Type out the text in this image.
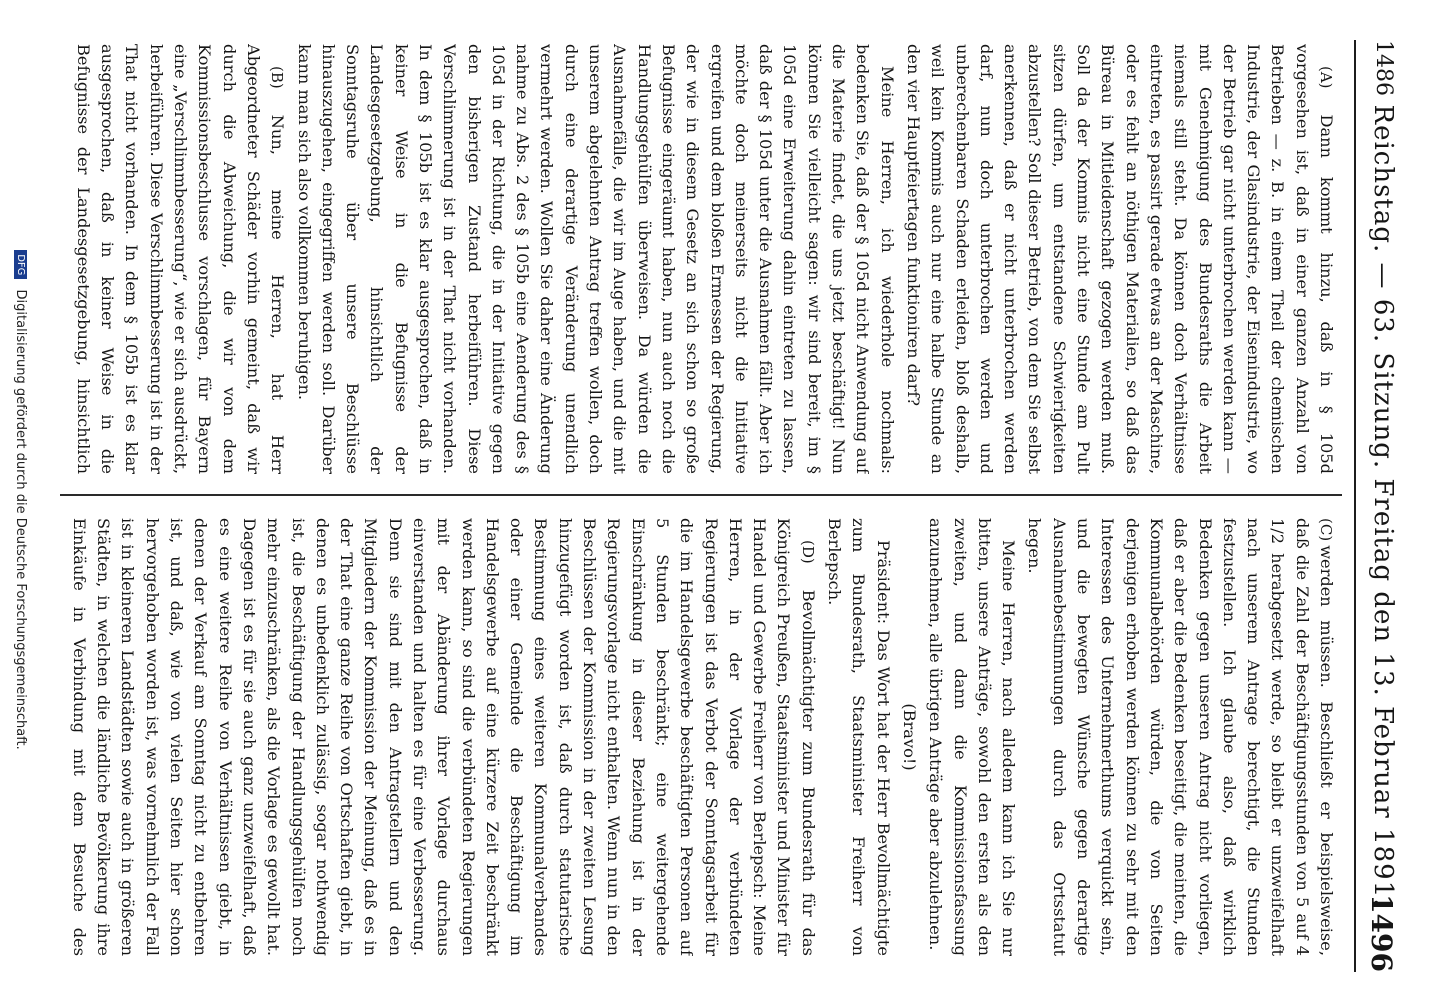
1486
Reichstag. — 63. Sitzung. Freitag den 13. Februar 1891.
1496

(A)
Dann kommt hinzu, daß in § 105d vorgesehen ist, daß in einer ganzen Anzahl von Betrieben — z. B. in einem Theil der chemischen Industrie, der Glasindustrie, der Eisenindustrie, wo der Betrieb gar nicht unterbrochen werden kann — mit Genehmigung des Bundesraths die Arbeit niemals still steht. Da können doch Verhältnisse eintreten, es passirt gerade etwas an der Maschine, oder es fehlt an nöthigen Materialien, so daß das Büreau in Mitleidenschaft gezogen werden muß. Soll da der Kommis nicht eine Stunde am Pult sitzen dürfen, um entstandene Schwierigkeiten abzustellen? Soll dieser Betrieb, von dem Sie selbst anerkennen, daß er nicht unterbrochen werden darf, nun doch unterbrochen werden und unberechenbaren Schaden erleiden, bloß deshalb, weil kein Kommis auch nur eine halbe Stunde an den vier Hauptfeiertagen funktioniren darf?

Meine Herren, ich wiederhole nochmals: bedenken Sie, daß der § 105d nicht Anwendung auf die Materie findet, die uns jetzt beschäftigt! Nun können Sie vielleicht sagen: wir sind bereit, im § 105d eine Erweiterung dahin eintreten zu lassen, daß der § 105d unter die Ausnahmen fällt. Aber ich möchte doch meinerseits nicht die Initiative ergreifen und dem bloßen Ermessen der Regierung, der wie in diesem Gesetz an sich schon so große Befugnisse eingeräumt haben, nun auch noch die Handlungsgehülfen überweisen. Da würden die Ausnahmefälle, die wir im Auge haben, und die mit unserem abgelehnten Antrag treffen wollen, doch durch eine derartige Veränderung unendlich vermehrt werden. Wollen Sie daher eine Änderung nahme zu Abs. 2 des § 105b eine Aenderung des § 105d in der Richtung, die in der Initiative gegen den bisherigen Zustand herbeiführen. Diese Verschlimmerung ist in der That nicht vorhanden. In dem § 105b ist es klar ausgesprochen, daß in keiner Weise in die Befugnisse der Landesgesetzgebung, hinsichtlich der Sonntagsruhe über unsere Beschlüsse hinauszugehen, eingegriffen werden soll. Darüber kann man sich also vollkommen beruhigen.

(B)
Nun, meine Herren, hat Herr Abgeordneter Schäder vorhin gemeint, daß wir durch die Abweichung, die wir von dem Kommissionsbeschlusse vorschlagen, für Bayern eine „Verschlimmbesserung“, wie er sich ausdrückt, herbeiführen. Diese Verschlimmbesserung ist in der That nicht vorhanden. In dem § 105b ist es klar ausgesprochen, daß in keiner Weise in die Befugnisse der Landesgesetzgebung, hinsichtlich

(C)
werden müssen. Beschließt er beispielsweise, daß die Zahl der Beschäftigungsstunden von 5 auf 4 1/2 herabgesetzt werde, so bleibt er unzweifelhaft nach unserem Antrage berechtigt, die Stunden festzustellen. Ich glaube also, daß wirklich Bedenken gegen unseren Antrag nicht vorliegen, daß er aber die Bedenken beseitigt, die meinten, die Kommunalbehörden würden, die von Seiten derjenigen erhoben werden können zu sehr mit den Interessen des Unternehmerthums verquickt sein, und die bewegten Wünsche gegen derartige Ausnahmebestimmungen durch das Ortsstatut hegen.

Meine Herren, nach alledem kann ich Sie nur bitten, unsere Anträge, sowohl den ersten als den zweiten, und dann die Kommissionsfassung anzunehmen, alle übrigen Anträge aber abzulehnen.

(Bravo!)

Präsident: Das Wort hat der Herr Bevollmächtigte zum Bundesrath, Staatsminister Freiherr von Berlepsch.

(D)
Bevollmächtigter zum Bundesrath für das Königreich Preußen, Staatsminister und Minister für Handel und Gewerbe Freiherr von Berlepsch: Meine Herren, in der Vorlage der verbündeten Regierungen ist das Verbot der Sonntagsarbeit für die im Handelsgewerbe beschäftigten Personen auf 5 Stunden beschränkt; eine weitergehende Einschränkung in dieser Beziehung ist in der Regierungsvorlage nicht enthalten. Wenn nun in den Beschlüssen der Kommission in der zweiten Lesung hinzugefügt worden ist, daß durch statutarische Bestimmung eines weiteren Kommunalverbandes oder einer Gemeinde die Beschäftigung im Handelsgewerbe auf eine kürzere Zeit beschränkt werden kann, so sind die verbündeten Regierungen mit der Abänderung ihrer Vorlage durchaus einverstanden und halten es für eine Verbesserung. Denn sie sind mit den Antragstellern und den Mitgliedern der Kommission der Meinung, daß es in der That eine ganze Reihe von Ortschaften giebt, in denen es unbedenklich zulässig, sogar nothwendig ist, die Beschäftigung der Handlungsgehülfen noch mehr einzuschränken, als die Vorlage es gewollt hat. Dagegen ist es für sie auch ganz unzweifelhaft, daß es eine weitere Reihe von Verhältnissen giebt, in denen der Verkauf am Sonntag nicht zu entbehren ist, und daß, wie von vielen Seiten hier schon hervorgehoben worden ist, was vornehmlich der Fall ist in kleineren Landstädten sowie auch in größeren Städten, in welchen die ländliche Bevölkerung ihre Einkäufe in Verbindung mit dem Besuche des

DFG Digitalisierung gefördert durch die Deutsche Forschungsgemeinschaft.
